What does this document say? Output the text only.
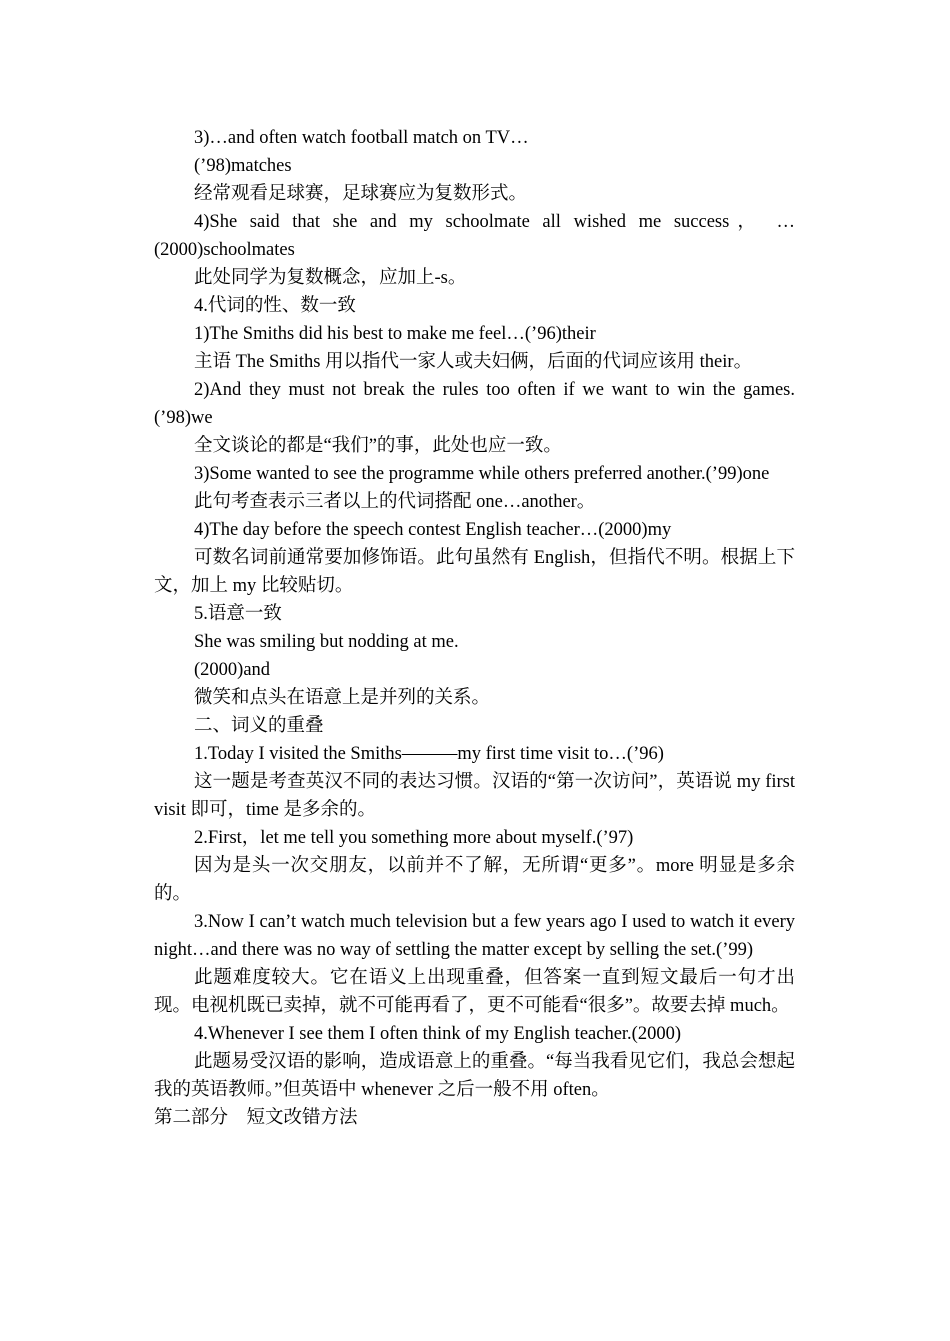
3)…and often watch football match on TV…

(’98)matches

经常观看足球赛，足球赛应为复数形式。

4)She said that she and my schoolmate all wished me success， …(2000)schoolmates

此处同学为复数概念，应加上-s。

4.代词的性、数一致

1)The Smiths did his best to make me feel…(’96)their

主语 The Smiths 用以指代一家人或夫妇俩，后面的代词应该用 their。

2)And they must not break the rules too often if we want to win the games.(’98)we

全文谈论的都是“我们”的事，此处也应一致。

3)Some wanted to see the programme while others preferred another.(’99)one

此句考查表示三者以上的代词搭配 one…another。

4)The day before the speech contest English teacher…(2000)my

可数名词前通常要加修饰语。此句虽然有 English，但指代不明。根据上下文，加上 my 比较贴切。

5.语意一致

She was smiling but nodding at me.

(2000)and

微笑和点头在语意上是并列的关系。

二、词义的重叠

1.Today I visited the Smiths———my first time visit to…(’96)

这一题是考查英汉不同的表达习惯。汉语的“第一次访问”，英语说 my first visit 即可，time 是多余的。

2.First，let me tell you something more about myself.(’97)

因为是头一次交朋友，以前并不了解，无所谓“更多”。more 明显是多余的。

3.Now I can’t watch much television but a few years ago I used to watch it every night…and there was no way of settling the matter except by selling the set.(’99)

此题难度较大。它在语义上出现重叠，但答案一直到短文最后一句才出现。电视机既已卖掉，就不可能再看了，更不可能看“很多”。故要去掉 much。

4.Whenever I see them I often think of my English teacher.(2000)

此题易受汉语的影响，造成语意上的重叠。“每当我看见它们，我总会想起我的英语教师。”但英语中 whenever 之后一般不用 often。

第二部分　短文改错方法
